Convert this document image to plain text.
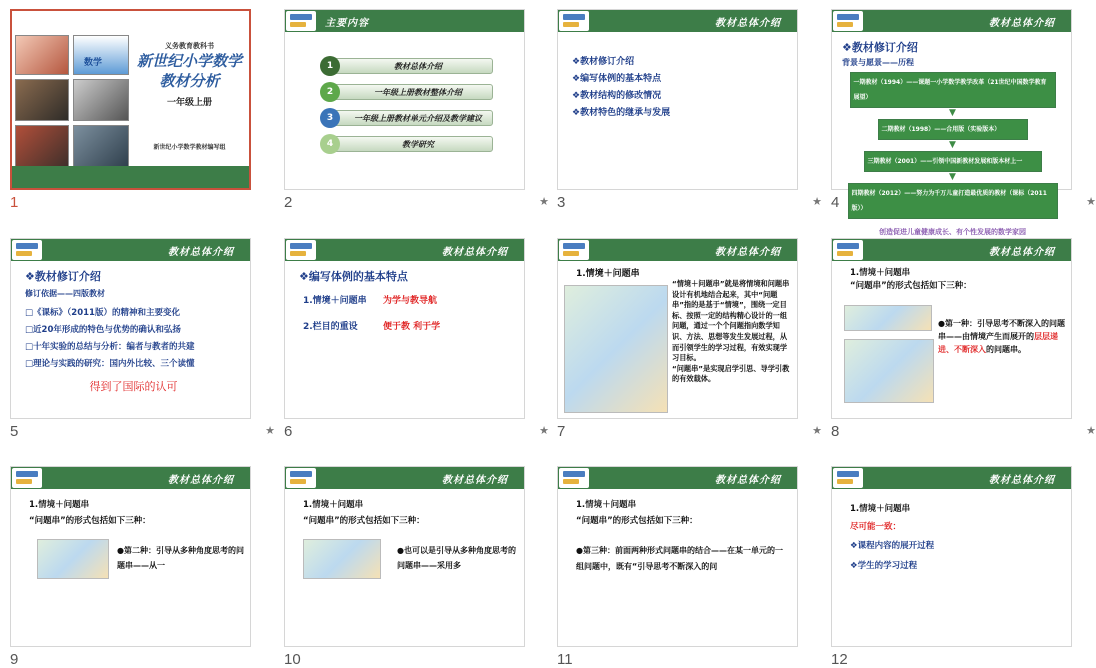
数学
义务教育教科书
新世纪小学数学
教材分析
一年级上册
新世纪小学数学教材编写组
1
主要内容
1	教材总体介绍
2	一年级上册教材整体介绍
3	一年级上册教材单元介绍及教学建议
4	教学研究
2	★
教材总体介绍
❖教材修订介绍
❖编写体例的基本特点
❖教材结构的修改情况
❖教材特色的继承与发展
3	★
教材总体介绍
❖教材修订介绍
背景与愿景——历程
一期教材（1994）——课题一小学数学教学改革（21世纪中国数学教育展望）
▼
二期教材（1998）——合用版（实验版本）
▼
三期教材（2001）——引领中国新教材发展和版本材上一
▼
四期教材（2012）——努力为千万儿童打造最优质的教材（课标（2011版））
创造促进儿童健康成长、有个性发展的数学家园
4	★
教材总体介绍
❖教材修订介绍
修订依据——四版教材
□《课标》（2011版）的精神和主要变化
□近20年形成的特色与优势的确认和弘扬
□十年实验的总结与分析：编者与教者的共建
□理论与实践的研究：国内外比较、三个读懂
得到了国际的认可
5	★
教材总体介绍
❖编写体例的基本特点
1.情境＋问题串 为学与教导航
2.栏目的重设	便于教 利于学
6	★
教材总体介绍
1.情境＋问题串
“情境＋问题串”就是将情境和问题串设计有机地结合起来，其中“问题串”指的是基于“情境”，围绕一定目标、按照一定的结构精心设计的一组问题，通过一个个问题指向数学知识、方法、思想等发生发展过程，从而引领学生的学习过程，有效实现学习目标。
“问题串”是实现启学引思、导学引教的有效载体。
7	★
教材总体介绍
1.情境＋问题串
“问题串”的形式包括如下三种：
●第一种：引导思考不断深入的问题串——由情境产生而展开的层层递进、不断深入的问题串。
8	★
教材总体介绍
1.情境＋问题串
“问题串”的形式包括如下三种：
●第二种：引导从多种角度思考的问题串——从一
9
教材总体介绍
1.情境＋问题串
“问题串”的形式包括如下三种：
●也可以是引导从多种角度思考的问题串——采用多
10
教材总体介绍
1.情境＋问题串
“问题串”的形式包括如下三种：
●第三种：前面两种形式问题串的结合——在某一单元的一组问题中，既有“引导思考不断深入的问
11
教材总体介绍
1.情境＋问题串
尽可能一致：
❖课程内容的展开过程
❖学生的学习过程
12
